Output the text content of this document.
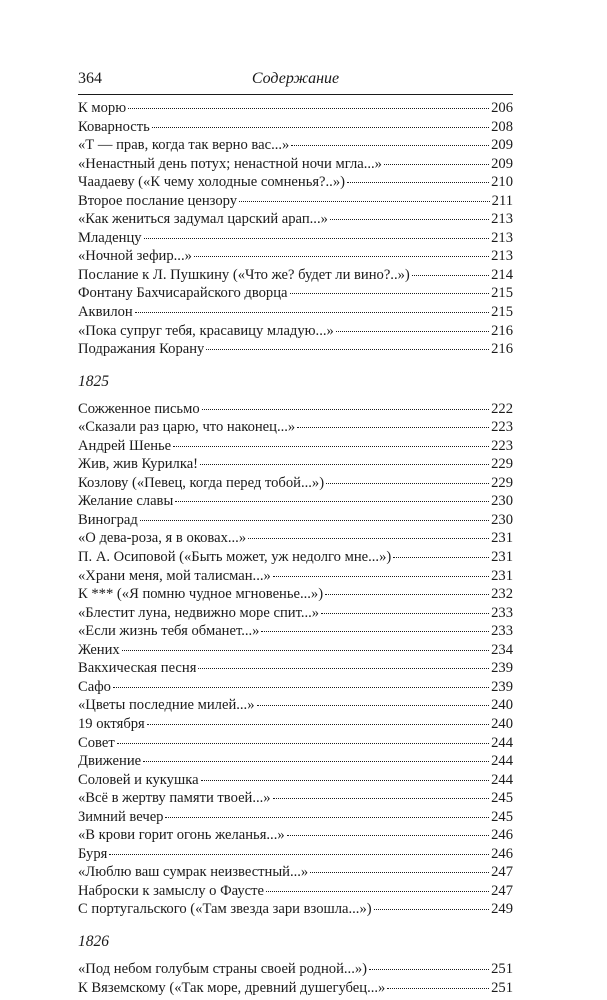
364	Содержание
К морю	206
Коварность	208
«Т — прав, когда так верно вас...»	209
«Ненастный день потух; ненастной ночи мгла...»	209
Чаадаеву («К чему холодные сомненья?..»)	210
Второе послание цензору	211
«Как жениться задумал царский арап...»	213
Младенцу	213
«Ночной зефир...»	213
Послание к Л. Пушкину («Что же? будет ли вино?..»)	214
Фонтану Бахчисарайского дворца	215
Аквилон	215
«Пока супруг тебя, красавицу младую...»	216
Подражания Корану	216
1825
Сожженное письмо	222
«Сказали раз царю, что наконец...»	223
Андрей Шенье	223
Жив, жив Курилка!	229
Козлову («Певец, когда перед тобой...»)	229
Желание славы	230
Виноград	230
«О дева-роза, я в оковах...»	231
П. А. Осиповой («Быть может, уж недолго мне...»)	231
«Храни меня, мой талисман...»	231
К *** («Я помню чудное мгновенье...»)	232
«Блестит луна, недвижно море спит...»	233
«Если жизнь тебя обманет...»	233
Жених	234
Вакхическая песня	239
Сафо	239
«Цветы последние милей...»	240
19 октября	240
Совет	244
Движение	244
Соловей и кукушка	244
«Всё в жертву памяти твоей...»	245
Зимний вечер	245
«В крови горит огонь желанья...»	246
Буря	246
«Люблю ваш сумрак неизвестный...»	247
Наброски к замыслу о Фаусте	247
С португальского («Там звезда зари взошла...»)	249
1826
«Под небом голубым страны своей родной...»)	251
К Вяземскому («Так море, древний душегубец...»	251
